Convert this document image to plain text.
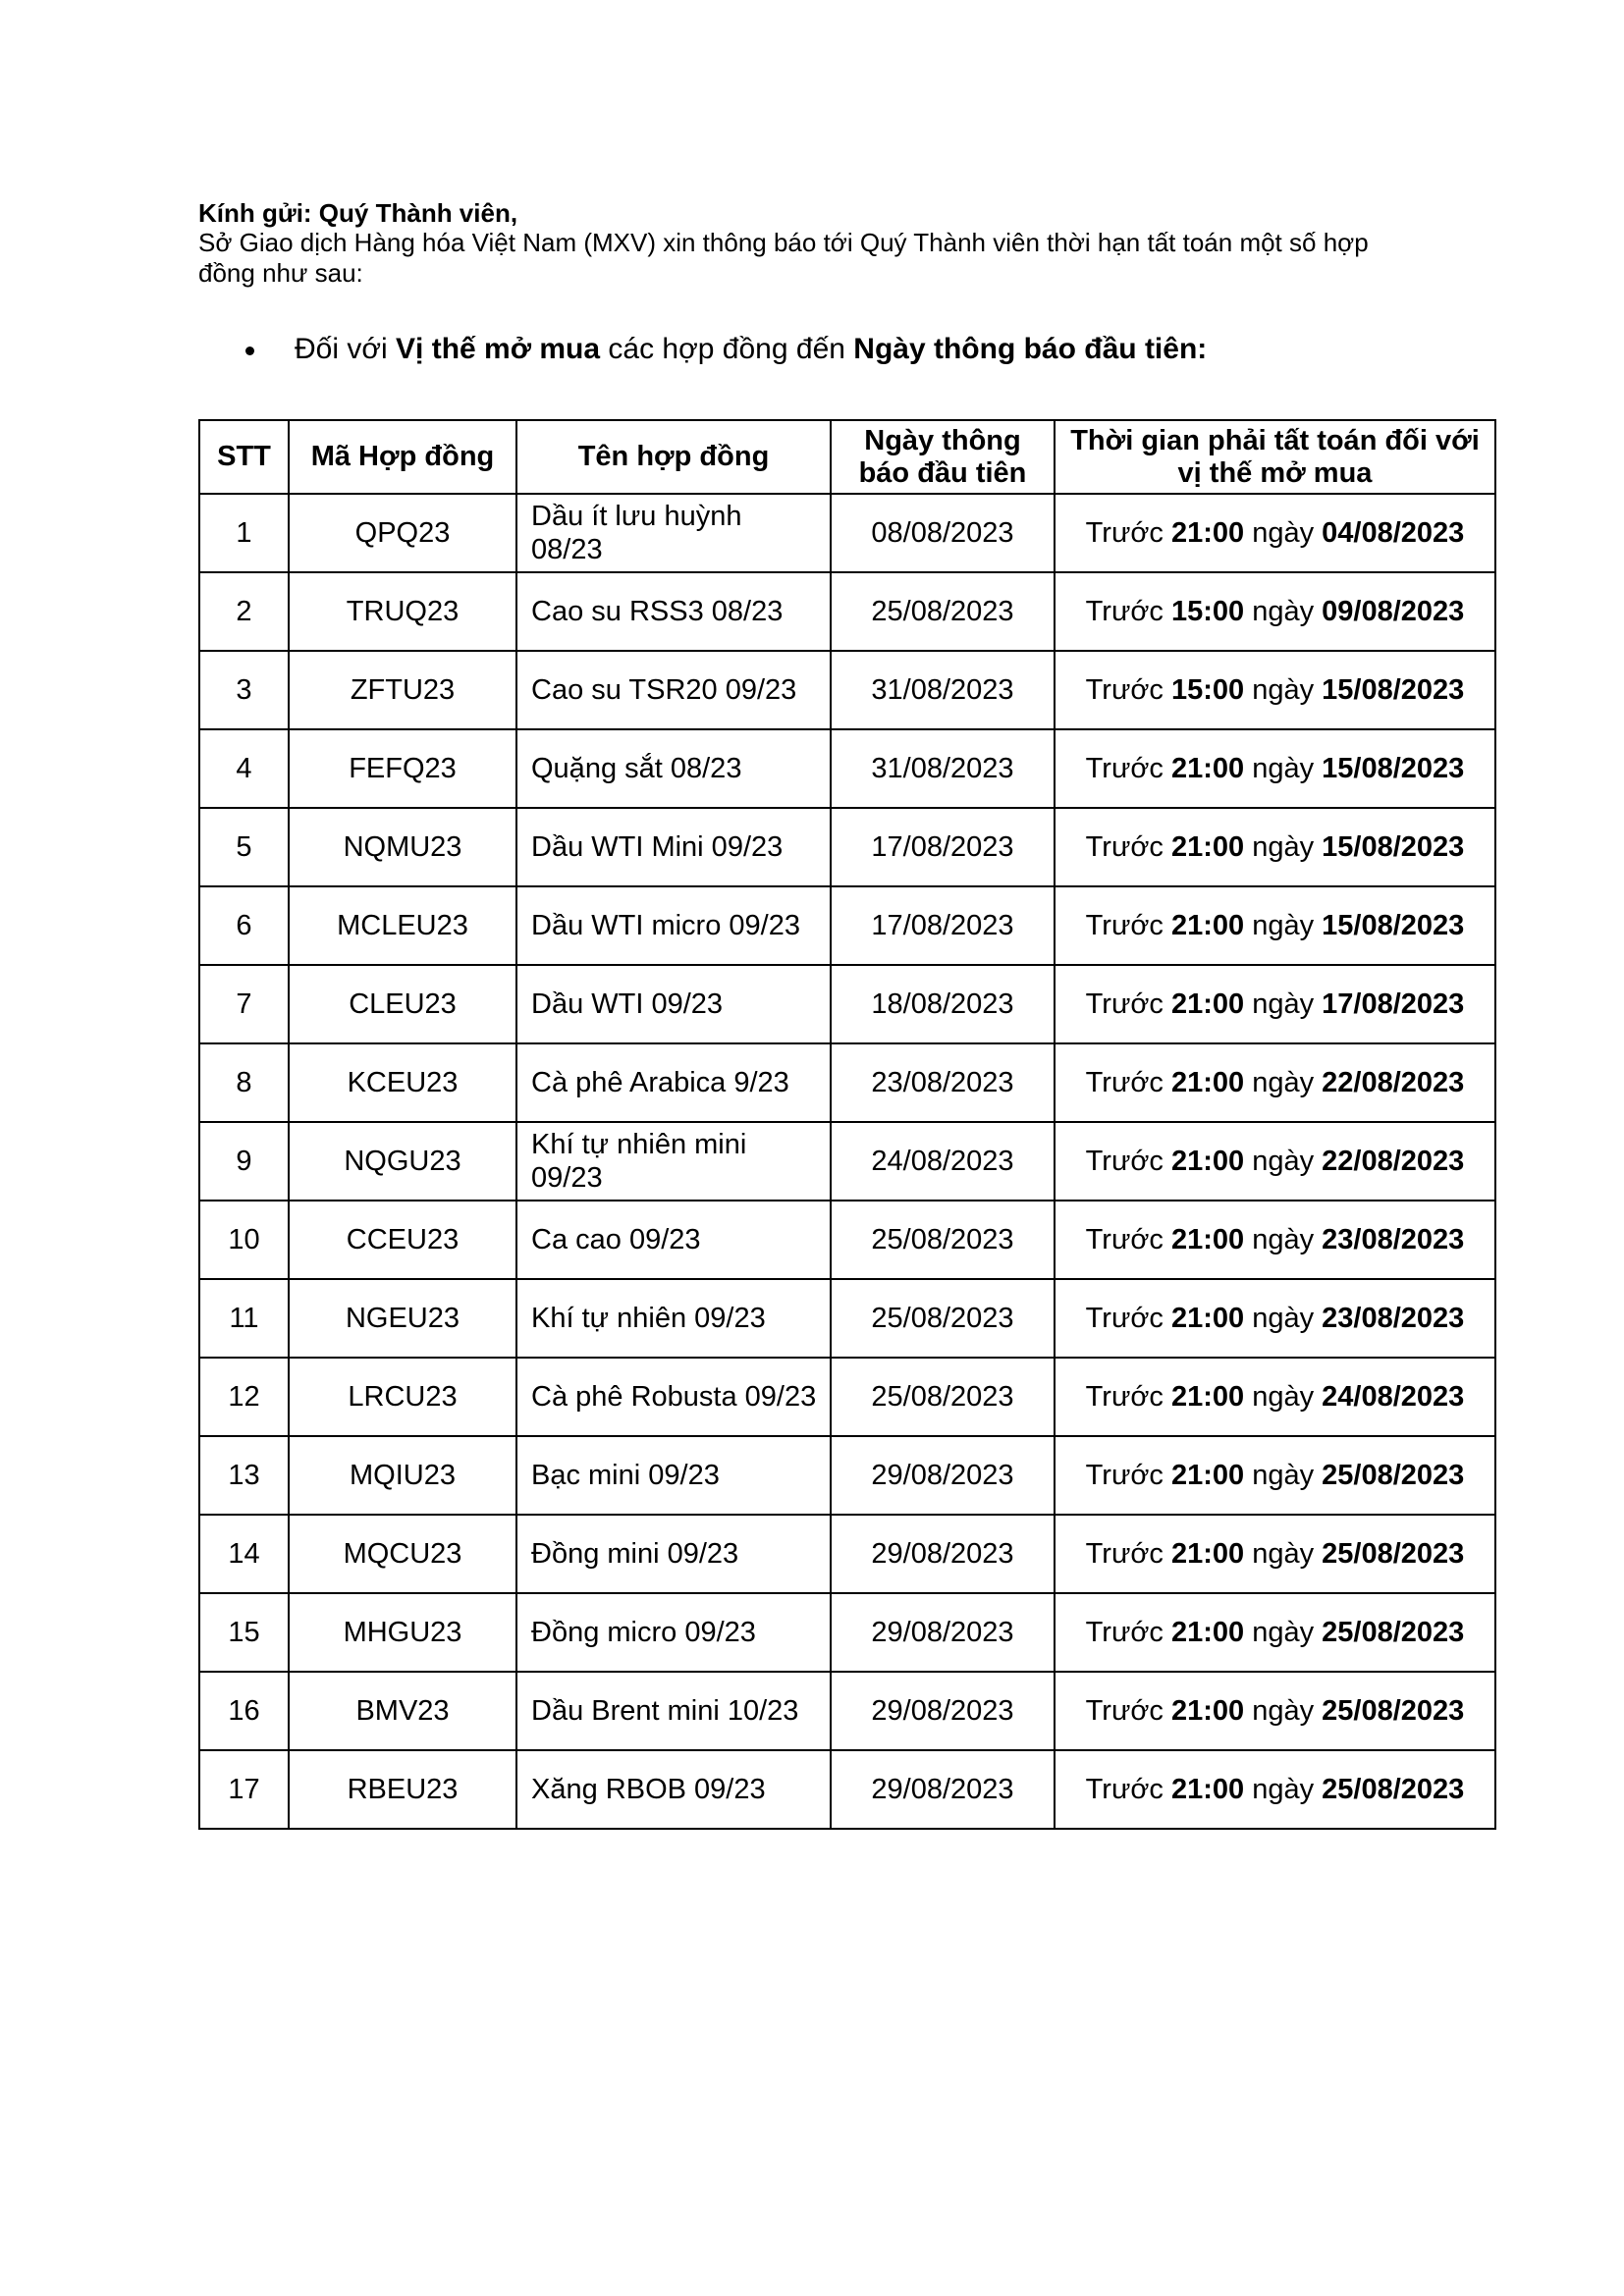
Kính gửi: Quý Thành viên,
Sở Giao dịch Hàng hóa Việt Nam (MXV) xin thông báo tới Quý Thành viên thời hạn tất toán một số hợp đồng như sau:
Đối với Vị thế mở mua các hợp đồng đến Ngày thông báo đầu tiên:
STT	Mã Hợp đồng	Tên hợp đồng	Ngày thông báo đầu tiên	Thời gian phải tất toán đối với vị thế mở mua
1	QPQ23	Dầu ít lưu huỳnh 08/23	08/08/2023	Trước 21:00 ngày 04/08/2023
2	TRUQ23	Cao su RSS3 08/23	25/08/2023	Trước 15:00 ngày 09/08/2023
3	ZFTU23	Cao su TSR20 09/23	31/08/2023	Trước 15:00 ngày 15/08/2023
4	FEFQ23	Quặng sắt 08/23	31/08/2023	Trước 21:00 ngày 15/08/2023
5	NQMU23	Dầu WTI Mini 09/23	17/08/2023	Trước 21:00 ngày 15/08/2023
6	MCLEU23	Dầu WTI micro 09/23	17/08/2023	Trước 21:00 ngày 15/08/2023
7	CLEU23	Dầu WTI 09/23	18/08/2023	Trước 21:00 ngày 17/08/2023
8	KCEU23	Cà phê Arabica 9/23	23/08/2023	Trước 21:00 ngày 22/08/2023
9	NQGU23	Khí tự nhiên mini 09/23	24/08/2023	Trước 21:00 ngày 22/08/2023
10	CCEU23	Ca cao 09/23	25/08/2023	Trước 21:00 ngày 23/08/2023
11	NGEU23	Khí tự nhiên 09/23	25/08/2023	Trước 21:00 ngày 23/08/2023
12	LRCU23	Cà phê Robusta 09/23	25/08/2023	Trước 21:00 ngày 24/08/2023
13	MQIU23	Bạc mini 09/23	29/08/2023	Trước 21:00 ngày 25/08/2023
14	MQCU23	Đồng mini 09/23	29/08/2023	Trước 21:00 ngày 25/08/2023
15	MHGU23	Đồng micro 09/23	29/08/2023	Trước 21:00 ngày 25/08/2023
16	BMV23	Dầu Brent mini 10/23	29/08/2023	Trước 21:00 ngày 25/08/2023
17	RBEU23	Xăng RBOB 09/23	29/08/2023	Trước 21:00 ngày 25/08/2023
